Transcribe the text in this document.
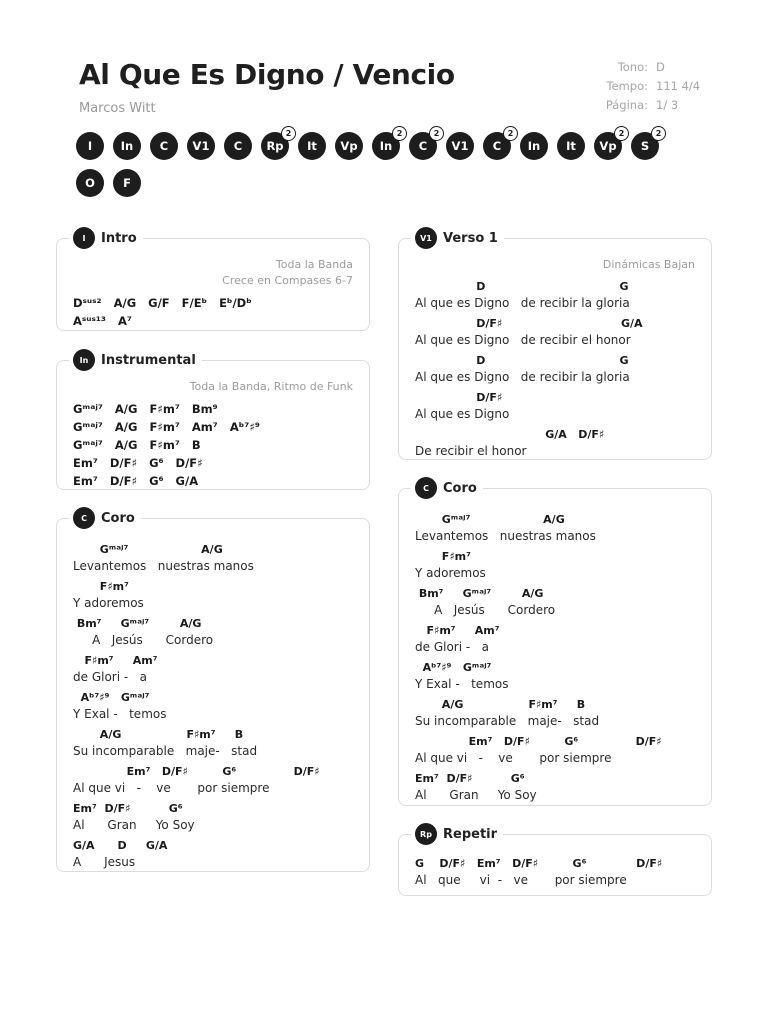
Al Que Es Digno / Vencio
Marcos Witt
Tono: D
Tempo: 111 4/4
Página: 1/ 3
I In C V1 C Rp
2
It Vp In
2
C
2
V1 C
2
In It Vp
2
S
2
O F
I	Intro
Toda la Banda
Crece en Compases 6-7
Dˢᵘˢ²   A/G   G/F   F/Eᵇ   Eᵇ/Dᵇ
Aˢᵘˢ¹³   A⁷
In Instrumental
Toda la Banda, Ritmo de Funk
Gᵐᵃʲ⁷   A/G   F♯m⁷   Bm⁹
Gᵐᵃʲ⁷   A/G   F♯m⁷   Am⁷   Aᵇ⁷♯⁹
Gᵐᵃʲ⁷   A/G   F♯m⁷   B
Em⁷   D/F♯   G⁶   D/F♯
Em⁷   D/F♯   G⁶   G/A
C	Coro
Gᵐᵃʲ⁷                   A/G
Levantemos   nuestras manos
F♯m⁷
Y adoremos
Bm⁷     Gᵐᵃʲ⁷        A/G
A   Jesús      Cordero
F♯m⁷     Am⁷
de Glori -   a
Aᵇ⁷♯⁹   Gᵐᵃʲ⁷
Y Exal -   temos
A/G                 F♯m⁷     B
Su incomparable   maje-   stad
Em⁷   D/F♯         G⁶               D/F♯
Al que vi   -    ve       por siempre
Em⁷  D/F♯          G⁶
Al      Gran     Yo Soy
G/A      D     G/A
A      Jesus
V1 Verso 1
Dinámicas Bajan
D                                   G
Al que es Digno   de recibir la gloria
D/F♯                               G/A
Al que es Digno   de recibir el honor
D                                   G
Al que es Digno   de recibir la gloria
D/F♯
Al que es Digno
G/A   D/F♯
De recibir el honor
C	Coro
Gᵐᵃʲ⁷                   A/G
Levantemos   nuestras manos
F♯m⁷
Y adoremos
Bm⁷     Gᵐᵃʲ⁷        A/G
A   Jesús      Cordero
F♯m⁷     Am⁷
de Glori -   a
Aᵇ⁷♯⁹   Gᵐᵃʲ⁷
Y Exal -   temos
A/G                 F♯m⁷     B
Su incomparable   maje-   stad
Em⁷   D/F♯         G⁶               D/F♯
Al que vi   -    ve       por siempre
Em⁷  D/F♯          G⁶
Al      Gran     Yo Soy
Rp Repetir
G    D/F♯   Em⁷   D/F♯         G⁶             D/F♯
Al   que     vi  -   ve       por siempre
